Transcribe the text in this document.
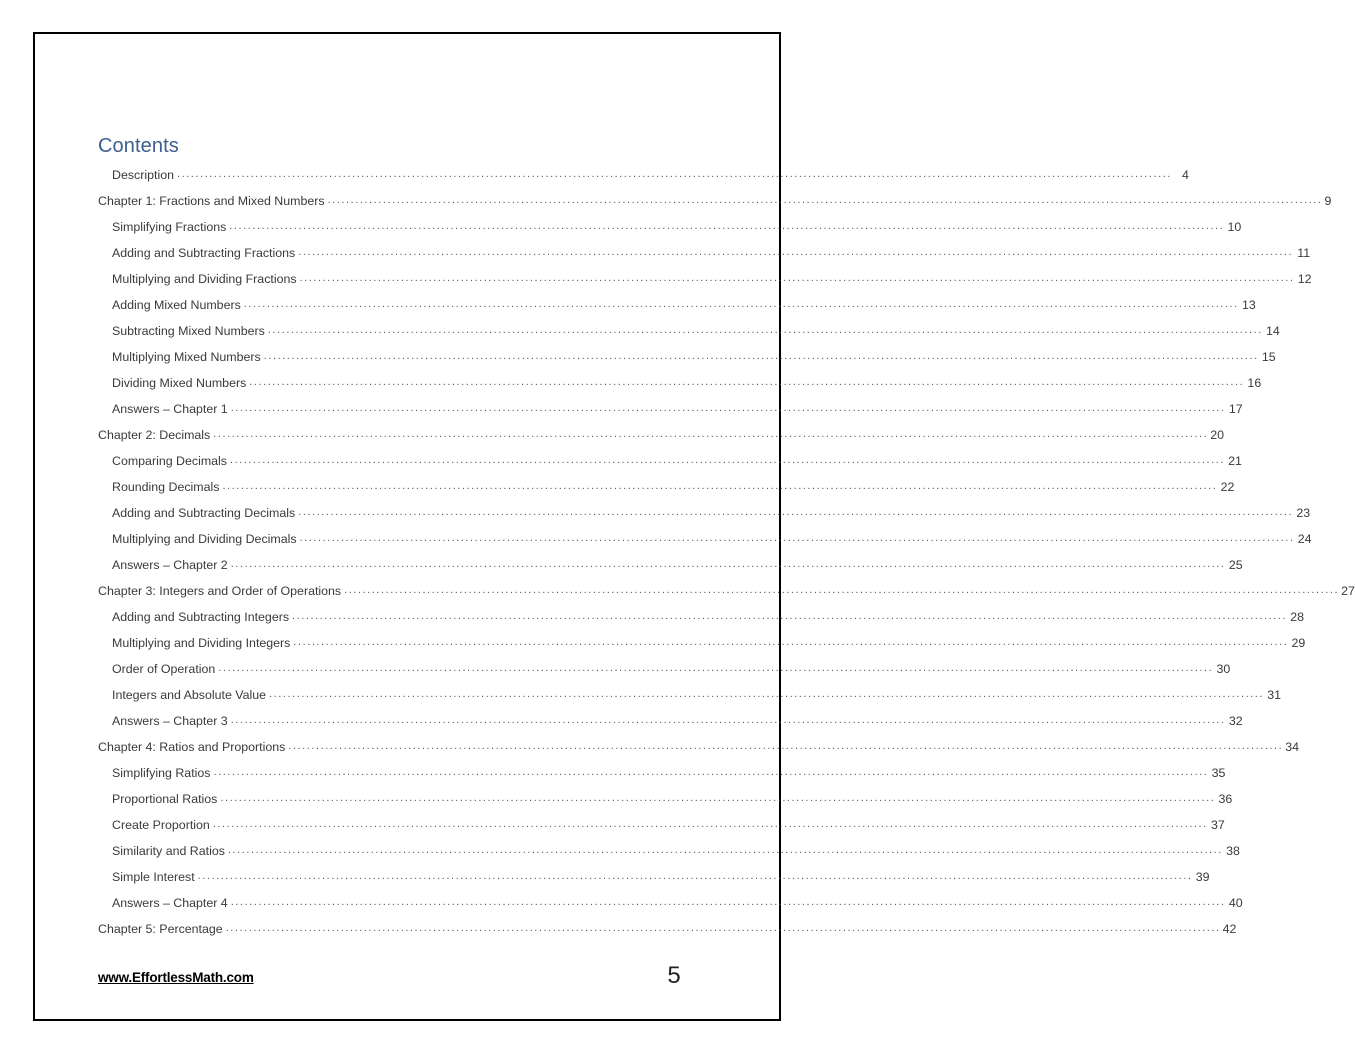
Contents
Description .....	4
Chapter 1: Fractions and Mixed Numbers .....	9
Simplifying Fractions .....	10
Adding and Subtracting Fractions .....	11
Multiplying and Dividing Fractions .....	12
Adding Mixed Numbers .....	13
Subtracting Mixed Numbers .....	14
Multiplying Mixed Numbers .....	15
Dividing Mixed Numbers .....	16
Answers – Chapter 1 .....	17
Chapter 2: Decimals .....	20
Comparing Decimals .....	21
Rounding Decimals .....	22
Adding and Subtracting Decimals .....	23
Multiplying and Dividing Decimals .....	24
Answers – Chapter 2 .....	25
Chapter 3: Integers and Order of Operations .....	27
Adding and Subtracting Integers .....	28
Multiplying and Dividing Integers .....	29
Order of Operation .....	30
Integers and Absolute Value .....	31
Answers – Chapter 3 .....	32
Chapter 4: Ratios and Proportions .....	34
Simplifying Ratios .....	35
Proportional Ratios .....	36
Create Proportion .....	37
Similarity and Ratios .....	38
Simple Interest .....	39
Answers – Chapter 4 .....	40
Chapter 5: Percentage .....	42
www.EffortlessMath.com	5
